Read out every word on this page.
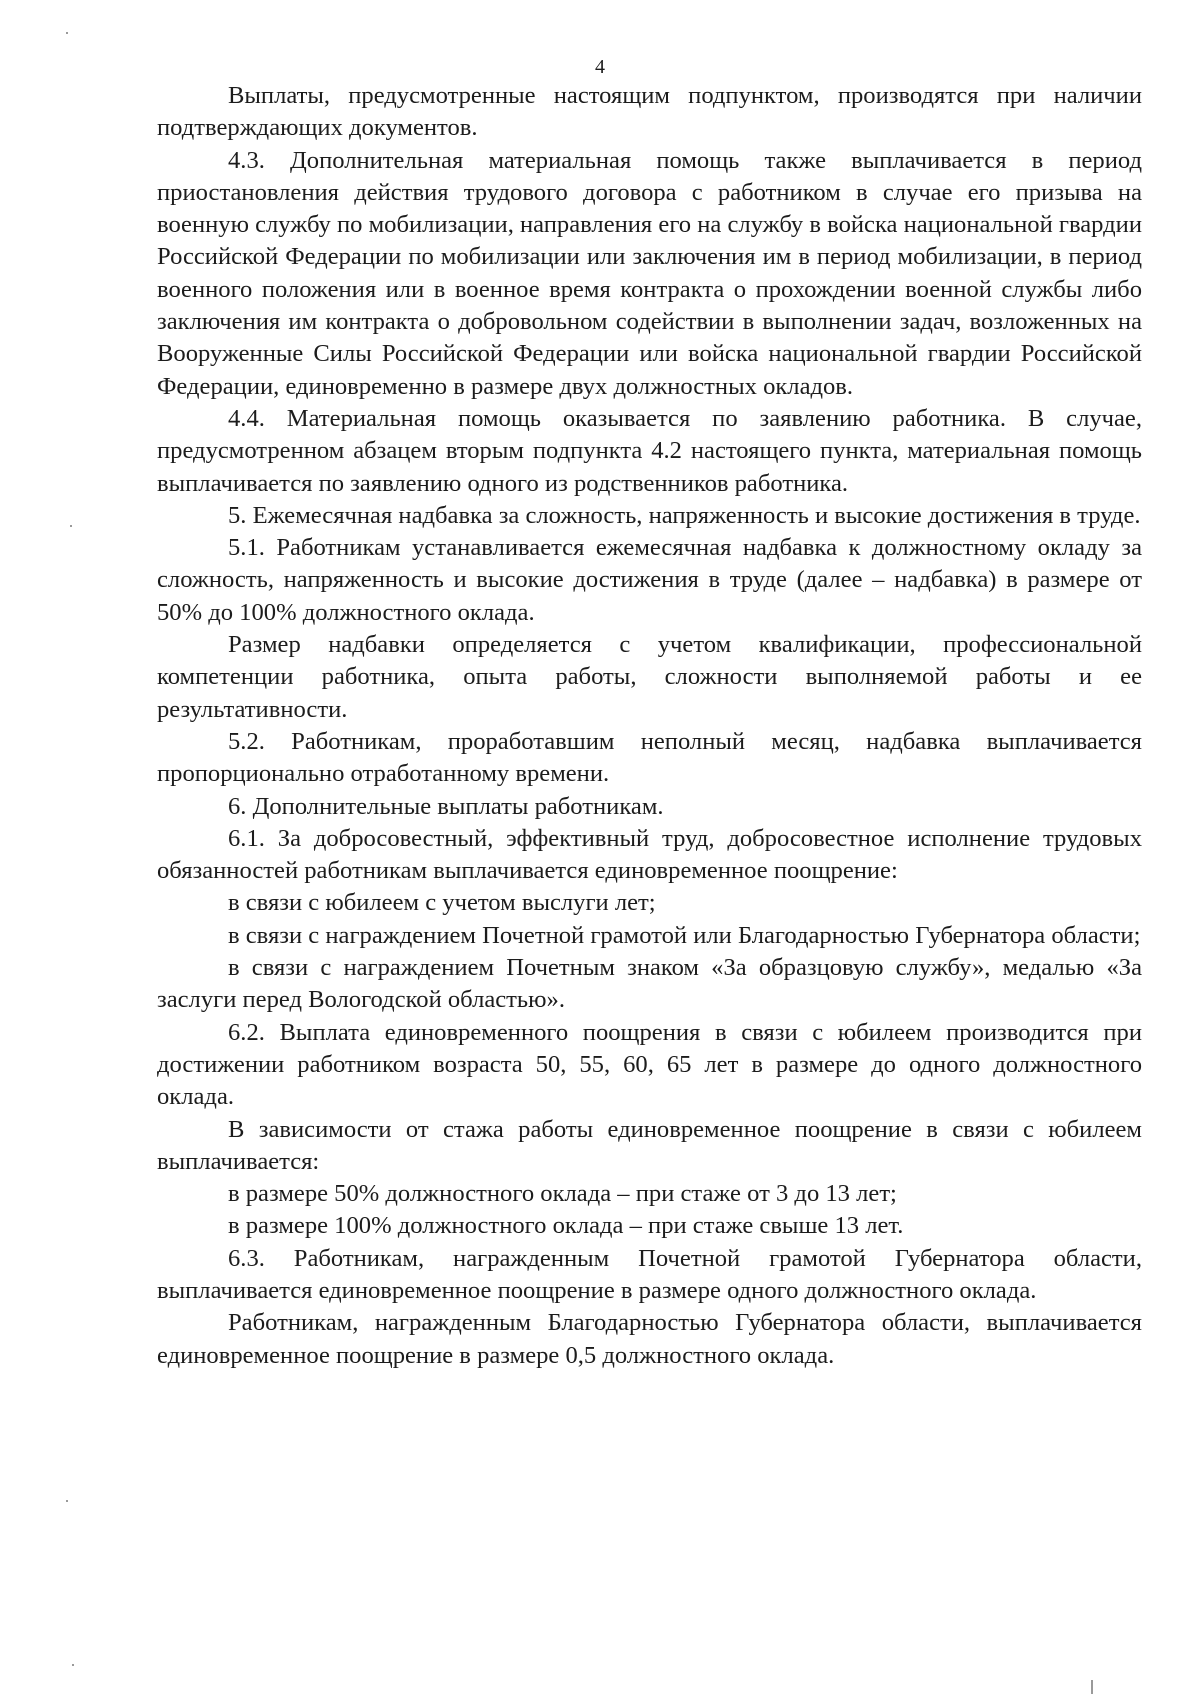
4

Выплаты, предусмотренные настоящим подпунктом, производятся при наличии подтверждающих документов.

4.3. Дополнительная материальная помощь также выплачивается в период приостановления действия трудового договора с работником в случае его призыва на военную службу по мобилизации, направления его на службу в войска национальной гвардии Российской Федерации по мобилизации или заключения им в период мобилизации, в период военного положения или в военное время контракта о прохождении военной службы либо заключения им контракта о добровольном содействии в выполнении задач, возложенных на Вооруженные Силы Российской Федерации или войска национальной гвардии Российской Федерации, единовременно в размере двух должностных окладов.

4.4. Материальная помощь оказывается по заявлению работника. В случае, предусмотренном абзацем вторым подпункта 4.2 настоящего пункта, материальная помощь выплачивается по заявлению одного из родственников работника.

5. Ежемесячная надбавка за сложность, напряженность и высокие достижения в труде.

5.1. Работникам устанавливается ежемесячная надбавка к должностному окладу за сложность, напряженность и высокие достижения в труде (далее – надбавка) в размере от 50% до 100% должностного оклада.

Размер надбавки определяется с учетом квалификации, профессиональной компетенции работника, опыта работы, сложности выполняемой работы и ее результативности.

5.2. Работникам, проработавшим неполный месяц, надбавка выплачивается пропорционально отработанному времени.

6. Дополнительные выплаты работникам.

6.1. За добросовестный, эффективный труд, добросовестное исполнение трудовых обязанностей работникам выплачивается единовременное поощрение:

в связи с юбилеем с учетом выслуги лет;

в связи с награждением Почетной грамотой или Благодарностью Губернатора области;

в связи с награждением Почетным знаком «За образцовую службу», медалью «За заслуги перед Вологодской областью».

6.2. Выплата единовременного поощрения в связи с юбилеем производится при достижении работником возраста 50, 55, 60, 65 лет в размере до одного должностного оклада.

В зависимости от стажа работы единовременное поощрение в связи с юбилеем выплачивается:

в размере 50% должностного оклада – при стаже от 3 до 13 лет;

в размере 100% должностного оклада – при стаже свыше 13 лет.

6.3. Работникам, награжденным Почетной грамотой Губернатора области, выплачивается единовременное поощрение в размере одного должностного оклада.

Работникам, награжденным Благодарностью Губернатора области, выплачивается единовременное поощрение в размере 0,5 должностного оклада.
